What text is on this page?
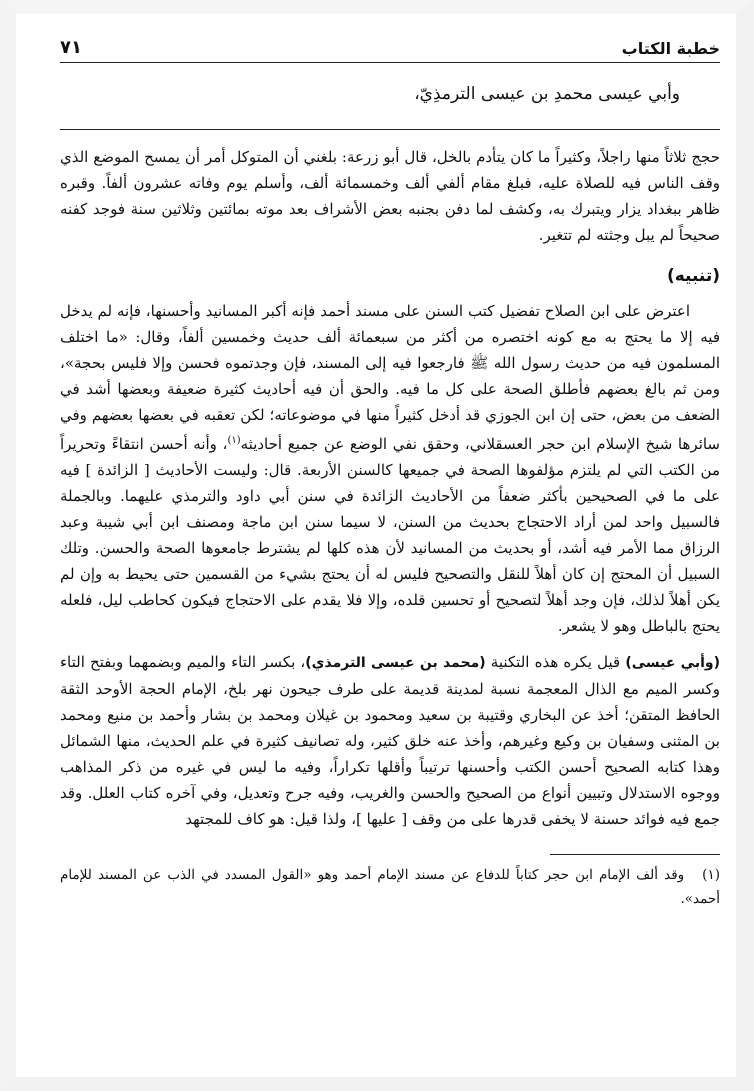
خطبة الكتاب
٧١

وأبي عيسى محمدِ بن عيسى الترمذِيّ،

حجج ثلاثاً منها راجلاً، وكثيراً ما كان يتأدم بالخل، قال أبو زرعة: بلغني أن المتوكل أمر أن يمسح الموضع الذي وقف الناس فيه للصلاة عليه، فبلغ مقام ألفي ألف وخمسمائة ألف، وأسلم يوم وفاته عشرون ألفاً. وقبره ظاهر ببغداد يزار ويتبرك به، وكشف لما دفن بجنبه بعض الأشراف بعد موته بمائتين وثلاثين سنة فوجد كفنه صحيحاً لم يبل وجثته لم تتغير.

(تنبيه)

اعترض على ابن الصلاح تفضيل كتب السنن على مسند أحمد فإنه أكبر المسانيد وأحسنها، فإنه لم يدخل فيه إلا ما يحتج به مع كونه اختصره من أكثر من سبعمائة ألف حديث وخمسين ألفاً، وقال: «ما اختلف المسلمون فيه من حديث رسول الله ﷺ فارجعوا فيه إلى المسند، فإن وجدتموه فحسن وإلا فليس بحجة»، ومن ثم بالغ بعضهم فأطلق الصحة على كل ما فيه. والحق أن فيه أحاديث كثيرة ضعيفة وبعضها أشد في الضعف من بعض، حتى إن ابن الجوزي قد أدخل كثيراً منها في موضوعاته؛ لكن تعقبه في بعضها بعضهم وفي سائرها شيخ الإسلام ابن حجر العسقلاني، وحقق نفي الوضع عن جميع أحاديثه$^{(١)}$، وأنه أحسن انتقاءً وتحريراً من الكتب التي لم يلتزم مؤلفوها الصحة في جميعها كالسنن الأربعة. قال: وليست الأحاديث [ الزائدة ] فيه على ما في الصحيحين بأكثر ضعفاً من الأحاديث الزائدة في سنن أبي داود والترمذي عليهما. وبالجملة فالسبيل واحد لمن أراد الاحتجاج بحديث من السنن، لا سيما سنن ابن ماجة ومصنف ابن أبي شيبة وعبد الرزاق مما الأمر فيه أشد، أو بحديث من المسانيد لأن هذه كلها لم يشترط جامعوها الصحة والحسن. وتلك السبيل أن المحتج إن كان أهلاً للنقل والتصحيح فليس له أن يحتج بشيء من القسمين حتى يحيط به وإن لم يكن أهلاً لذلك، فإن وجد أهلاً لتصحيح أو تحسين قلده، وإلا فلا يقدم على الاحتجاج فيكون كحاطب ليل، فلعله يحتج بالباطل وهو لا يشعر.

(وأبي عيسى) قيل يكره هذه التكنية (محمد بن عيسى الترمذي)، بكسر التاء والميم وبضمهما وبفتح التاء وكسر الميم مع الذال المعجمة نسبة لمدينة قديمة على طرف جيحون نهر بلخ، الإمام الحجة الأوحد الثقة الحافظ المتقن؛ أخذ عن البخاري وقتيبة بن سعيد ومحمود بن غيلان ومحمد بن بشار وأحمد بن منيع ومحمد بن المثنى وسفيان بن وكيع وغيرهم، وأخذ عنه خلق كثير، وله تصانيف كثيرة في علم الحديث، منها الشمائل وهذا كتابه الصحيح أحسن الكتب وأحسنها ترتيباً وأقلها تكراراً، وفيه ما ليس في غيره من ذكر المذاهب ووجوه الاستدلال وتبيين أنواع من الصحيح والحسن والغريب، وفيه جرح وتعديل، وفي آخره كتاب العلل. وقد جمع فيه فوائد حسنة لا يخفى قدرها على من وقف [ عليها ]، ولذا قيل: هو كاف للمجتهد

(١)وقد ألف الإمام ابن حجر كتاباً للدفاع عن مسند الإمام أحمد وهو «القول المسدد في الذب عن المسند للإمام أحمد».
